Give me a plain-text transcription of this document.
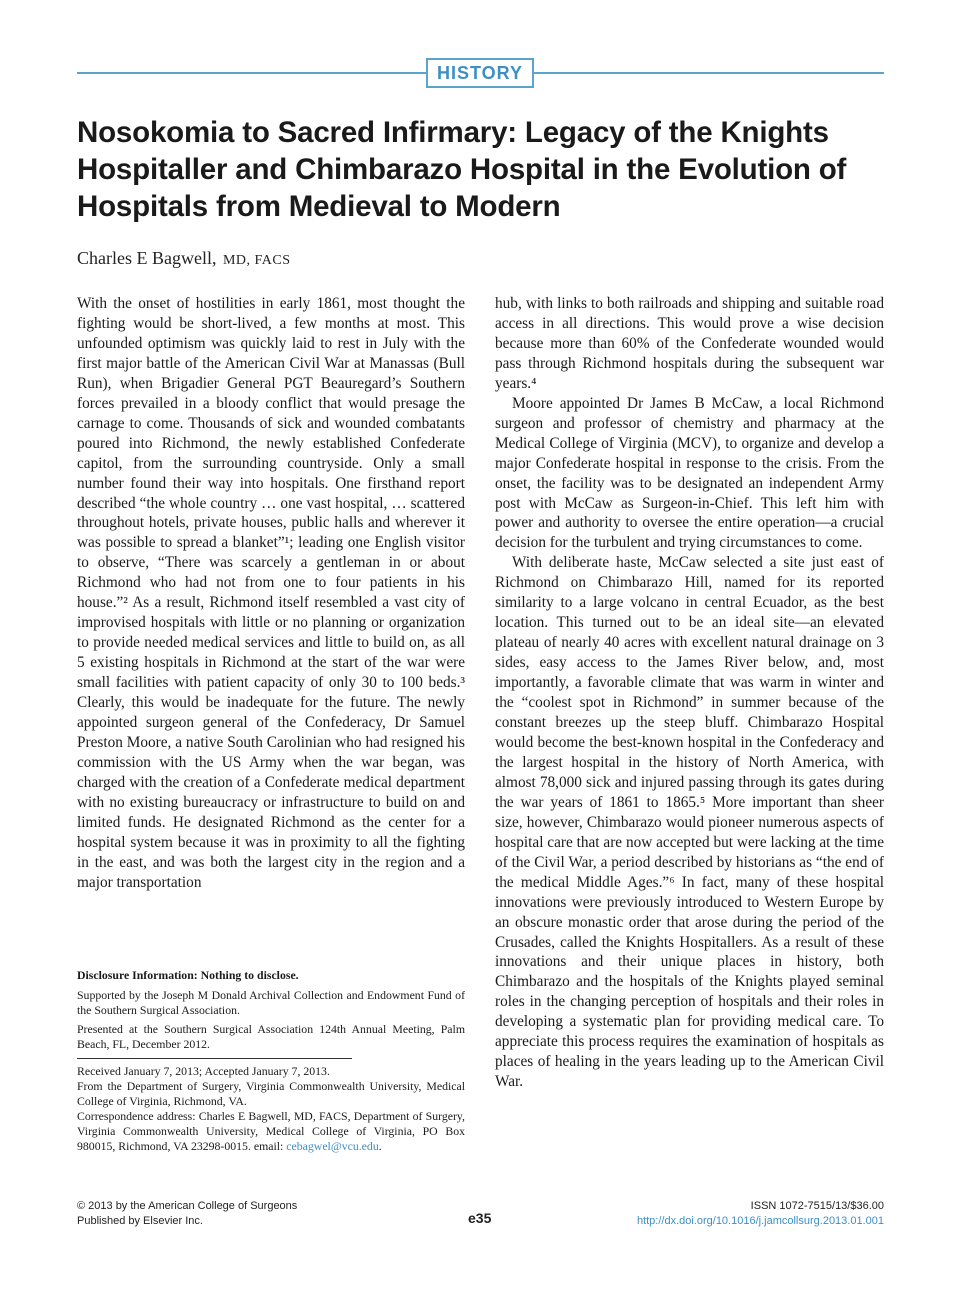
HISTORY
Nosokomia to Sacred Infirmary: Legacy of the Knights Hospitaller and Chimbarazo Hospital in the Evolution of Hospitals from Medieval to Modern
Charles E Bagwell, MD, FACS

With the onset of hostilities in early 1861, most thought the fighting would be short-lived, a few months at most. This unfounded optimism was quickly laid to rest in July with the first major battle of the American Civil War at Manassas (Bull Run), when Brigadier General PGT Beauregard’s Southern forces prevailed in a bloody conflict that would presage the carnage to come. Thousands of sick and wounded combatants poured into Richmond, the newly established Confederate capitol, from the surrounding countryside. Only a small number found their way into hospitals. One firsthand report described “the whole country … one vast hospital, … scattered throughout hotels, private houses, public halls and wherever it was possible to spread a blanket”¹; leading one English visitor to observe, “There was scarcely a gentleman in or about Richmond who had not from one to four patients in his house.”² As a result, Richmond itself resembled a vast city of improvised hospitals with little or no planning or organization to provide needed medical services and little to build on, as all 5 existing hospitals in Richmond at the start of the war were small facilities with patient capacity of only 30 to 100 beds.³ Clearly, this would be inadequate for the future. The newly appointed surgeon general of the Confederacy, Dr Samuel Preston Moore, a native South Carolinian who had resigned his commission with the US Army when the war began, was charged with the creation of a Confederate medical department with no existing bureaucracy or infrastructure to build on and limited funds. He designated Richmond as the center for a hospital system because it was in proximity to all the fighting in the east, and was both the largest city in the region and a major transportation

hub, with links to both railroads and shipping and suitable road access in all directions. This would prove a wise decision because more than 60% of the Confederate wounded would pass through Richmond hospitals during the subsequent war years.⁴

Moore appointed Dr James B McCaw, a local Richmond surgeon and professor of chemistry and pharmacy at the Medical College of Virginia (MCV), to organize and develop a major Confederate hospital in response to the crisis. From the onset, the facility was to be designated an independent Army post with McCaw as Surgeon-in-Chief. This left him with power and authority to oversee the entire operation—a crucial decision for the turbulent and trying circumstances to come.

With deliberate haste, McCaw selected a site just east of Richmond on Chimbarazo Hill, named for its reported similarity to a large volcano in central Ecuador, as the best location. This turned out to be an ideal site—an elevated plateau of nearly 40 acres with excellent natural drainage on 3 sides, easy access to the James River below, and, most importantly, a favorable climate that was warm in winter and the “coolest spot in Richmond” in summer because of the constant breezes up the steep bluff. Chimbarazo Hospital would become the best-known hospital in the Confederacy and the largest hospital in the history of North America, with almost 78,000 sick and injured passing through its gates during the war years of 1861 to 1865.⁵ More important than sheer size, however, Chimbarazo would pioneer numerous aspects of hospital care that are now accepted but were lacking at the time of the Civil War, a period described by historians as “the end of the medical Middle Ages.”⁶ In fact, many of these hospital innovations were previously introduced to Western Europe by an obscure monastic order that arose during the period of the Crusades, called the Knights Hospitallers. As a result of these innovations and their unique places in history, both Chimbarazo and the hospitals of the Knights played seminal roles in the changing perception of hospitals and their roles in developing a systematic plan for providing medical care. To appreciate this process requires the examination of hospitals as places of healing in the years leading up to the American Civil War.

Disclosure Information: Nothing to disclose.
Supported by the Joseph M Donald Archival Collection and Endowment Fund of the Southern Surgical Association.
Presented at the Southern Surgical Association 124th Annual Meeting, Palm Beach, FL, December 2012.
Received January 7, 2013; Accepted January 7, 2013.
From the Department of Surgery, Virginia Commonwealth University, Medical College of Virginia, Richmond, VA.
Correspondence address: Charles E Bagwell, MD, FACS, Department of Surgery, Virginia Commonwealth University, Medical College of Virginia, PO Box 980015, Richmond, VA 23298-0015. email: cebagwel@vcu.edu.
© 2013 by the American College of Surgeons
Published by Elsevier Inc.	e35
ISSN 1072-7515/13/$36.00
http://dx.doi.org/10.1016/j.jamcollsurg.2013.01.001
